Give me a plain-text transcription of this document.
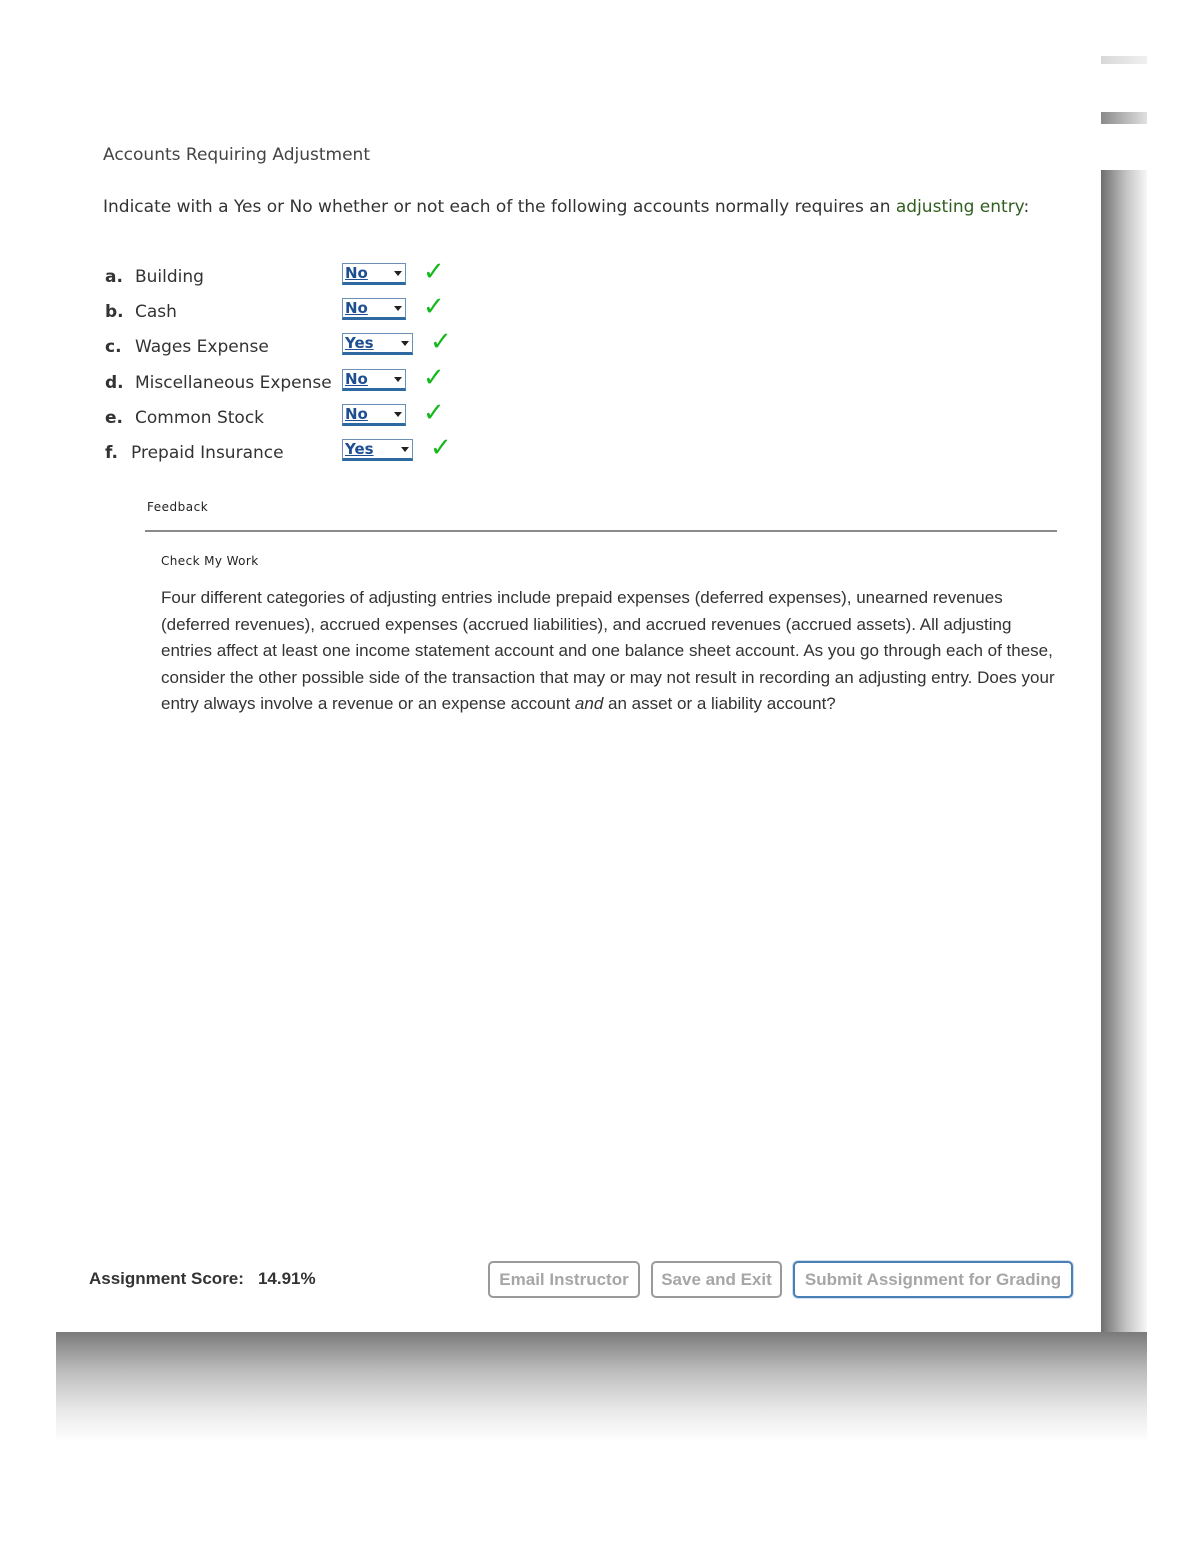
Accounts Requiring Adjustment
Indicate with a Yes or No whether or not each of the following accounts normally requires an adjusting entry:
a. Building	No	✓
b. Cash	No	✓
c. Wages Expense	Yes	✓
d. Miscellaneous Expense No	✓
e. Common Stock	No	✓
f. Prepaid Insurance	Yes	✓
Feedback
Check My Work
Four different categories of adjusting entries include prepaid expenses (deferred expenses), unearned revenues (deferred revenues), accrued expenses (accrued liabilities), and accrued revenues (accrued assets). All adjusting entries affect at least one income statement account and one balance sheet account. As you go through each of these, consider the other possible side of the transaction that may or may not result in recording an adjusting entry. Does your entry always involve a revenue or an expense account and an asset or a liability account?
Assignment Score: 14.91%	Email Instructor	Save and Exit	Submit Assignment for Grading
